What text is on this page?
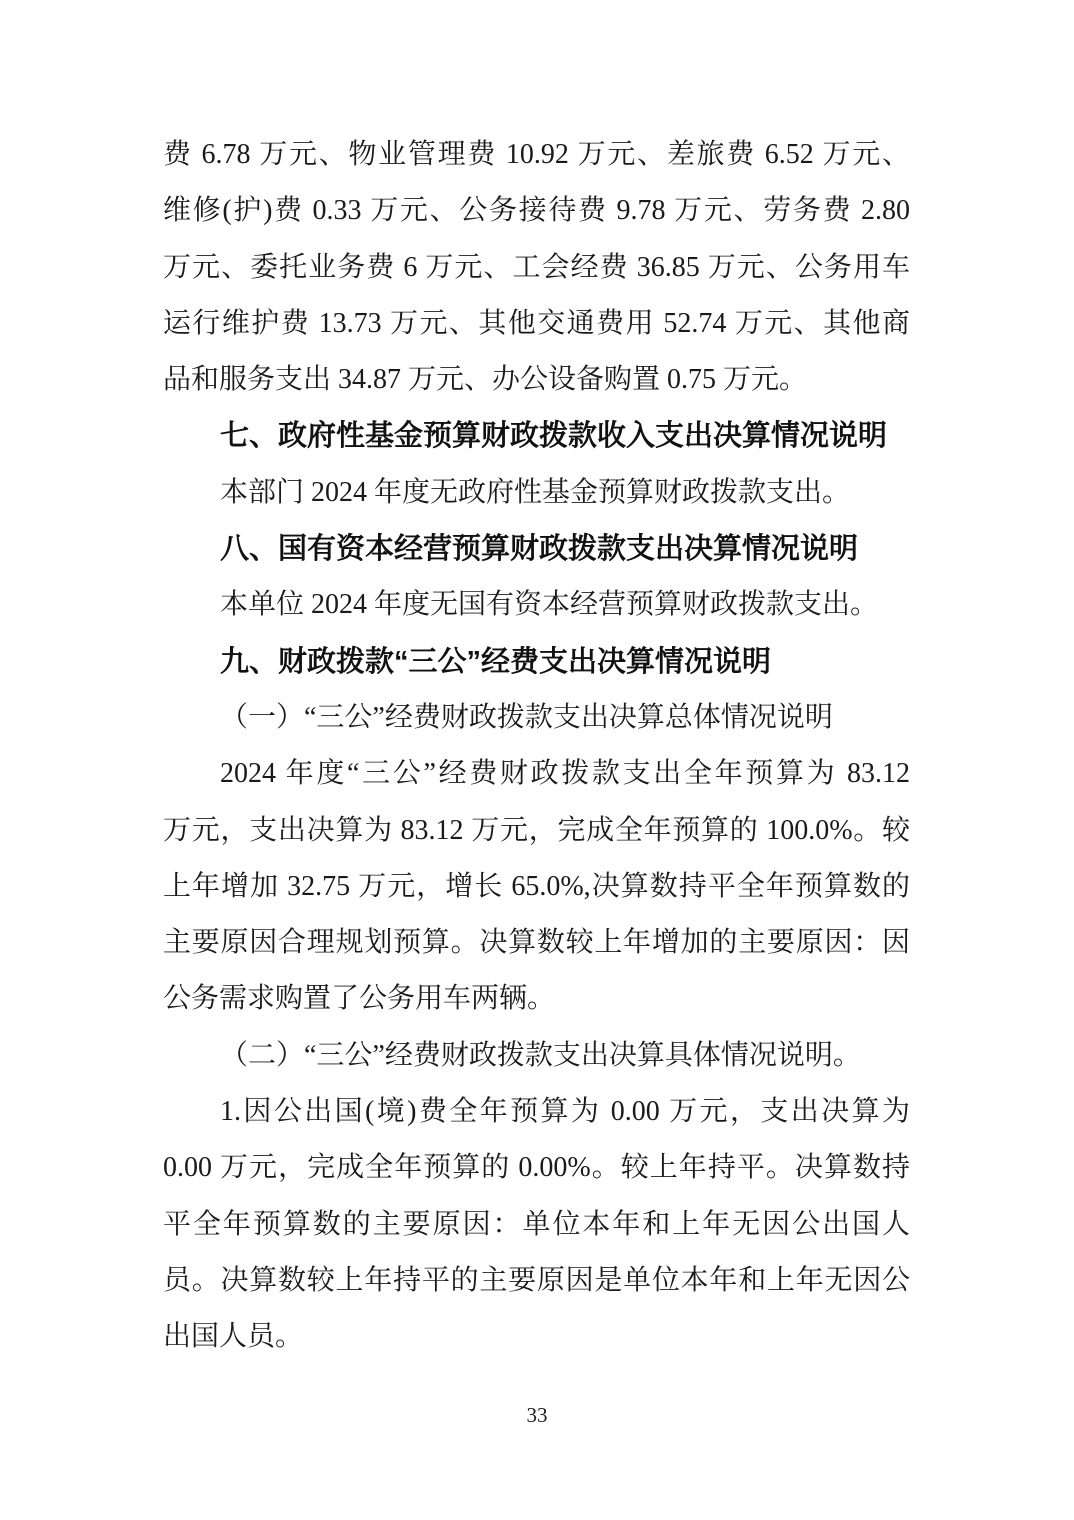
费 6.78 万元、物业管理费 10.92 万元、差旅费 6.52 万元、
维修(护)费 0.33 万元、公务接待费 9.78 万元、劳务费 2.80
万元、委托业务费 6 万元、工会经费 36.85 万元、公务用车
运行维护费 13.73 万元、其他交通费用 52.74 万元、其他商
品和服务支出 34.87 万元、办公设备购置 0.75 万元。
七、政府性基金预算财政拨款收入支出决算情况说明
本部门 2024 年度无政府性基金预算财政拨款支出。
八、国有资本经营预算财政拨款支出决算情况说明
本单位 2024 年度无国有资本经营预算财政拨款支出。
九、财政拨款“三公”经费支出决算情况说明
（一）“三公”经费财政拨款支出决算总体情况说明
2024 年度“三公”经费财政拨款支出全年预算为 83.12
万元，支出决算为 83.12 万元，完成全年预算的 100.0%。较
上年增加 32.75 万元，增长 65.0%,决算数持平全年预算数的
主要原因合理规划预算。决算数较上年增加的主要原因：因
公务需求购置了公务用车两辆。
（二）“三公”经费财政拨款支出决算具体情况说明。
1.因公出国(境)费全年预算为 0.00 万元，支出决算为
0.00 万元，完成全年预算的 0.00%。较上年持平。决算数持
平全年预算数的主要原因：单位本年和上年无因公出国人
员。决算数较上年持平的主要原因是单位本年和上年无因公
出国人员。
33
